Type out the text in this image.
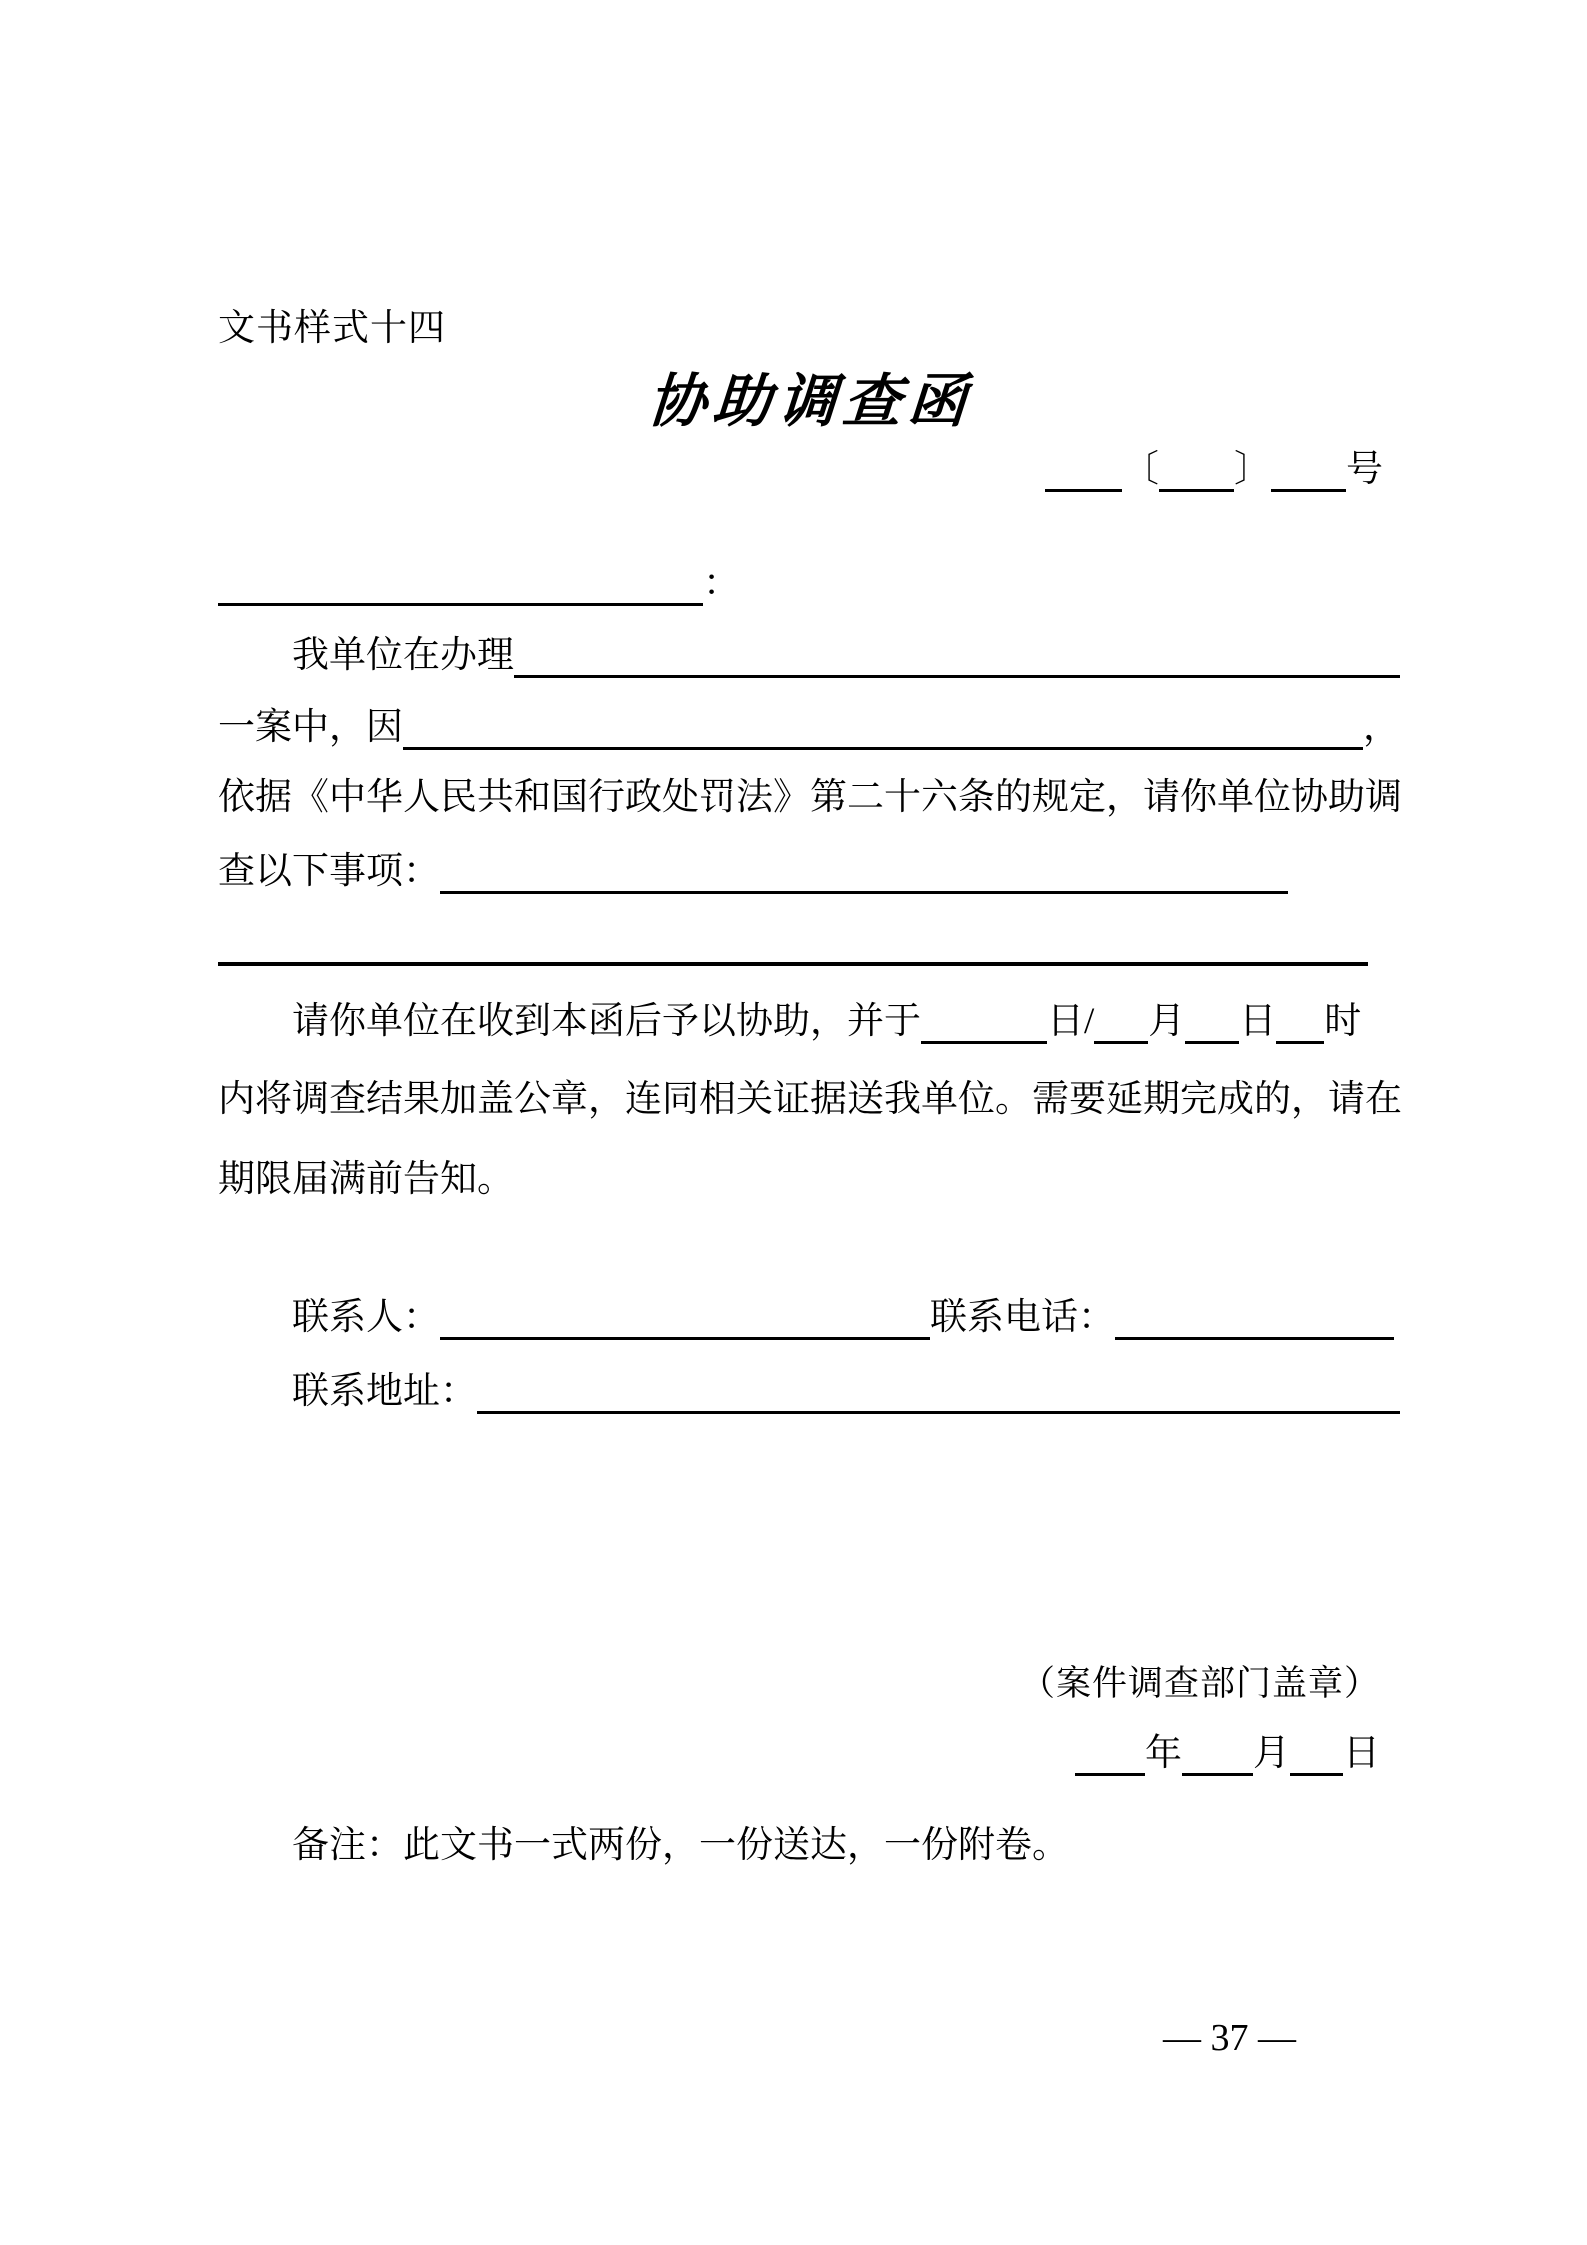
文书样式十四
协助调查函
〔 〕 号
：
我单位在办理
一案中，因	，
依据《中华人民共和国行政处罚法》第二十六条的规定，请你单位协助调
查以下事项：
请你单位在收到本函后予以协助，并于	日/ 月 日 时
内将调查结果加盖公章，连同相关证据送我单位。需要延期完成的，请在
期限届满前告知。
联系人：	联系电话：
联系地址：
（案件调查部门盖章）
年 月 日
备注：此文书一式两份，一份送达，一份附卷。
— 37 —
